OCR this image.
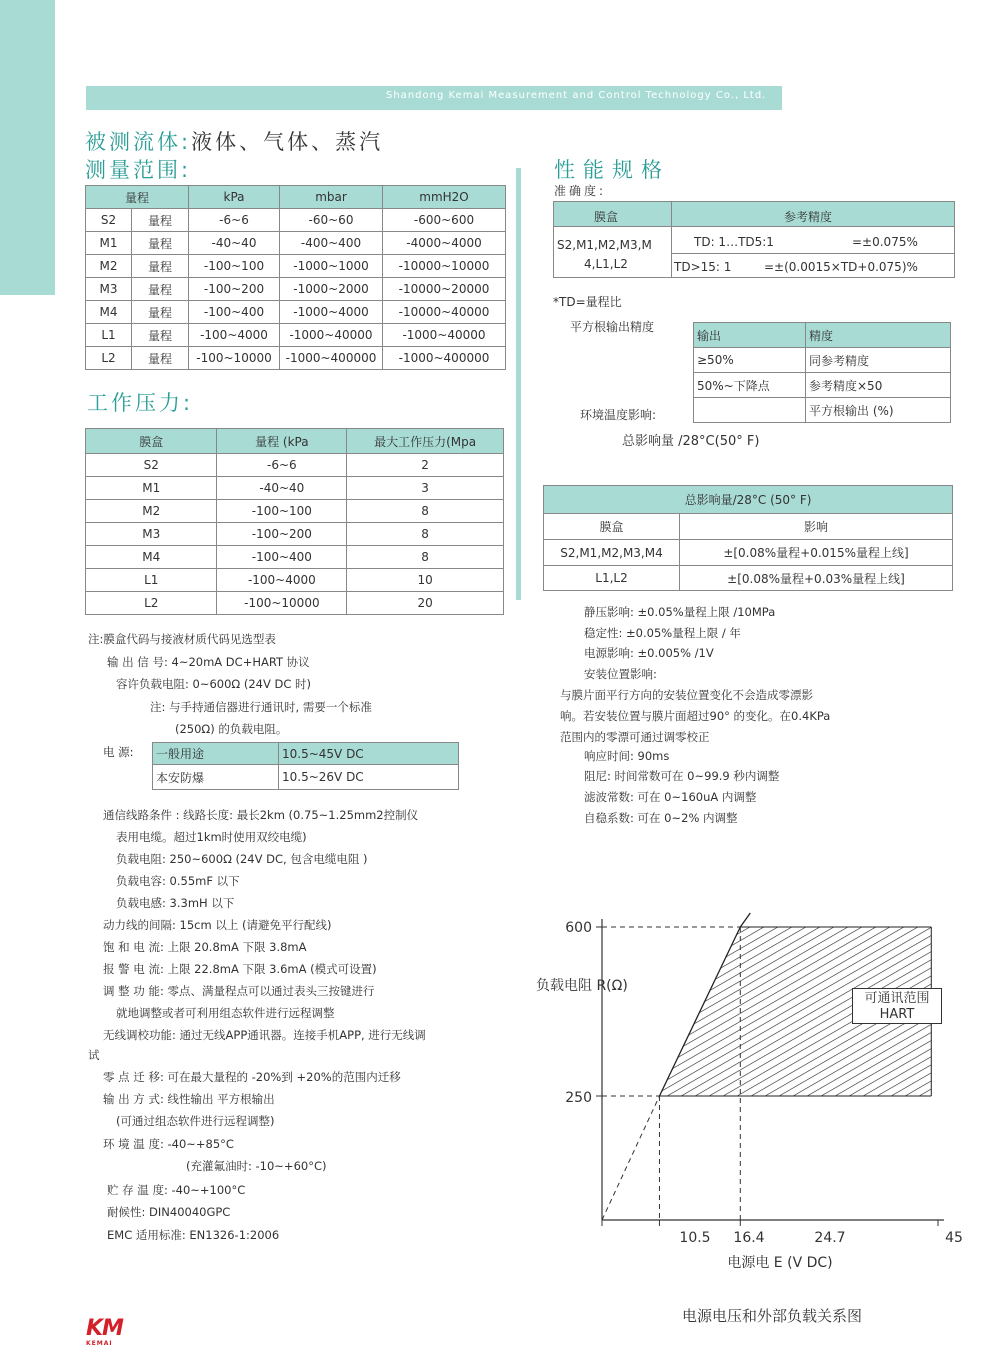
Shandong Kemai Measurement and Control Technology Co., Ltd.
被测流体:液体、气体、蒸汽
测量范围:
量程		kPa	mbar	mmH2O
S2	量程	-6~6	-60~60	-600~600
M1	量程	-40~40	-400~400	-4000~4000
M2	量程	-100~100	-1000~1000	-10000~10000
M3	量程	-100~200	-1000~2000	-10000~20000
M4	量程	-100~400	-1000~4000	-10000~40000
L1	量程	-100~4000	-1000~40000	-1000~40000
L2	量程	-100~10000	-1000~400000	-1000~400000
工作压力:
膜盒	量程 (kPa	最大工作压力(Mpa
S2	-6~6	2
M1	-40~40	3
M2	-100~100	8
M3	-100~200	8
M4	-100~400	8
L1	-100~4000	10
L2	-100~10000	20
注:膜盒代码与接液材质代码见选型表
输 出 信 号: 4~20mA DC+HART 协议
容许负载电阻: 0~600Ω (24V DC 时)
注: 与手持通信器进行通讯时, 需要一个标准
(250Ω) 的负载电阻。
电 源: 一般用途	10.5~45V DC
本安防爆	10.5~26V DC
通信线路条件 : 线路长度: 最长2km (0.75~1.25mm2控制仪
表用电缆。超过1km时使用双绞电缆)
负载电阻: 250~600Ω (24V DC, 包含电缆电阻 )
负载电容: 0.55mF 以下
负载电感: 3.3mH 以下
动力线的间隔: 15cm 以上 (请避免平行配线)
饱 和 电 流: 上限 20.8mA 下限 3.8mA
报 警 电 流: 上限 22.8mA 下限 3.6mA (模式可设置)
调 整 功 能: 零点、满量程点可以通过表头三按键进行
就地调整或者可利用组态软件进行远程调整
无线调校功能: 通过无线APP通讯器。连接手机APP, 进行无线调
试
零 点 迁 移: 可在最大量程的 -20%到 +20%的范围内迁移
输 出 方 式: 线性输出 平方根输出
(可通过组态软件进行远程调整)
环 境 温 度: -40~+85°C
(充灌氟油时: -10~+60°C)
贮 存 温 度: -40~+100°C
耐候性: DIN40040GPC
EMC 适用标准: EN1326-1:2006
性能规格
准确度:
膜盒	参考精度
S2,M1,M2,M3,M
4,L1,L2
TD: 1…TD5:1	=±0.075%
TD>15: 1	=±(0.0015×TD+0.075)%
*TD=量程比
平方根输出精度
输出	精度
≥50%	同参考精度
50%~下降点	参考精度×50
	平方根输出 (%)
环境温度影响:
总影响量 /28°C(50° F)
总影响量/28°C (50° F)	
膜盒	影响
S2,M1,M2,M3,M4	±[0.08%量程+0.015%量程上线]
L1,L2	±[0.08%量程+0.03%量程上线]
静压影响: ±0.05%量程上限 /10MPa
稳定性: ±0.05%量程上限 / 年
电源影响: ±0.005% /1V
安装位置影响:
与膜片面平行方向的安装位置变化不会造成零漂影
响。若安装位置与膜片面超过90° 的变化。在0.4KPa
范围内的零漂可通过调零校正
响应时间: 90ms
阻尼: 时间常数可在 0~99.9 秒内调整
滤波常数: 可在 0~160uA 内调整
自稳系数: 可在 0~2% 内调整
600
250
负载电阻 R(Ω)
10.5 16.4	24.7	45
电源电 E (V DC)
可通讯范围 HART
电源电压和外部负载关系图
KM
KEMAI
